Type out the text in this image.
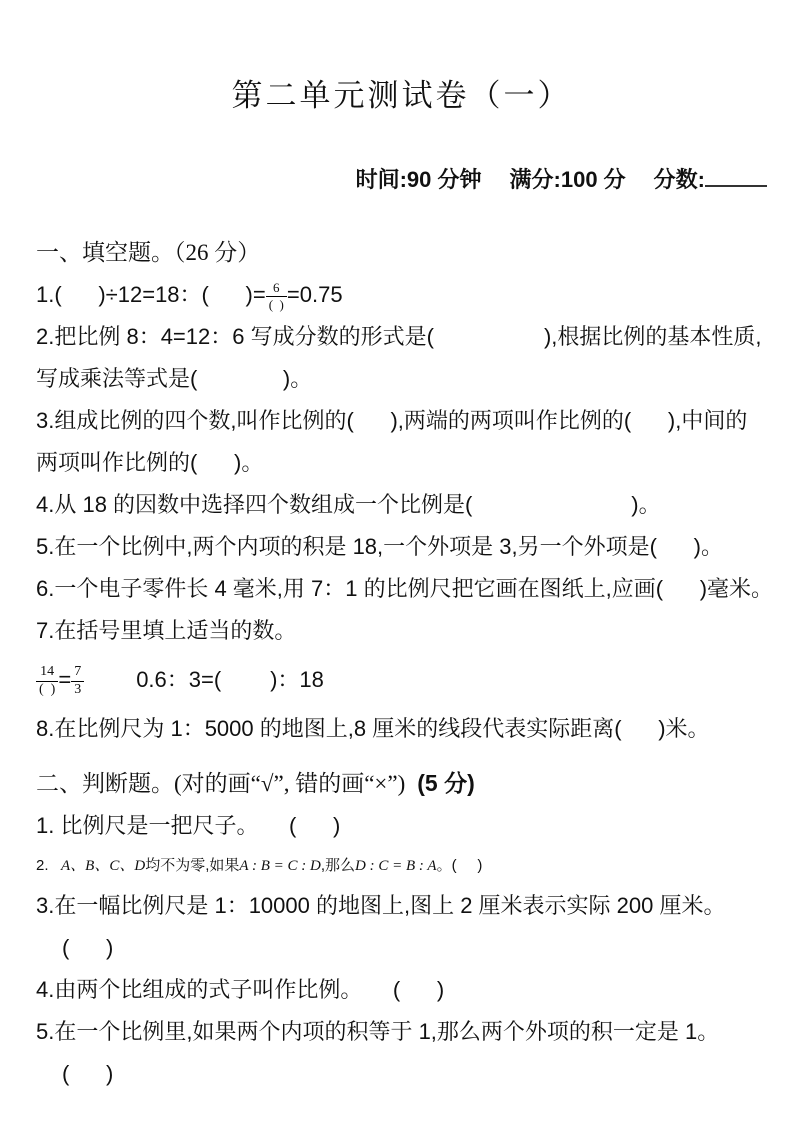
第二单元测试卷（一）

时间:90 分钟 满分:100 分 分数:

一、填空题。（26 分）
1.(      )÷12=18：(      )= $\frac{6}{( )} =0.75$
2.把比例 8：4=12：6 写成分数的形式是(                  ),根据比例的基本性质,
写成乘法等式是(              )。
3.组成比例的四个数,叫作比例的(      ),两端的两项叫作比例的(      ),中间的
两项叫作比例的(      )。
4.从 18 的因数中选择四个数组成一个比例是(                          )。
5.在一个比例中,两个内项的积是 18,一个外项是 3,另一个外项是(      )。
6.一个电子零件长 4 毫米,用 7：1 的比例尺把它画在图纸上,应画(      )毫米。
7.在括号里填上适当的数。
$\frac{14}{( )} = \frac{7}{3} 0.6$：3=(        )：18
8.在比例尺为 1：5000 的地图上,8 厘米的线段代表实际距离(      )米。
二、判断题。(对的画“√”, 错的画“×”) (5 分)
1. 比例尺是一把尺子。     (      )
2.   A、B、C、D均不为零,如果A : B = C : D,那么D : C = B : A。(     )
3.在一幅比例尺是 1：10000 的地图上,图上 2 厘米表示实际 200 厘米。
(      )
4.由两个比组成的式子叫作比例。     (      )
5.在一个比例里,如果两个内项的积等于 1,那么两个外项的积一定是 1。
(      )
